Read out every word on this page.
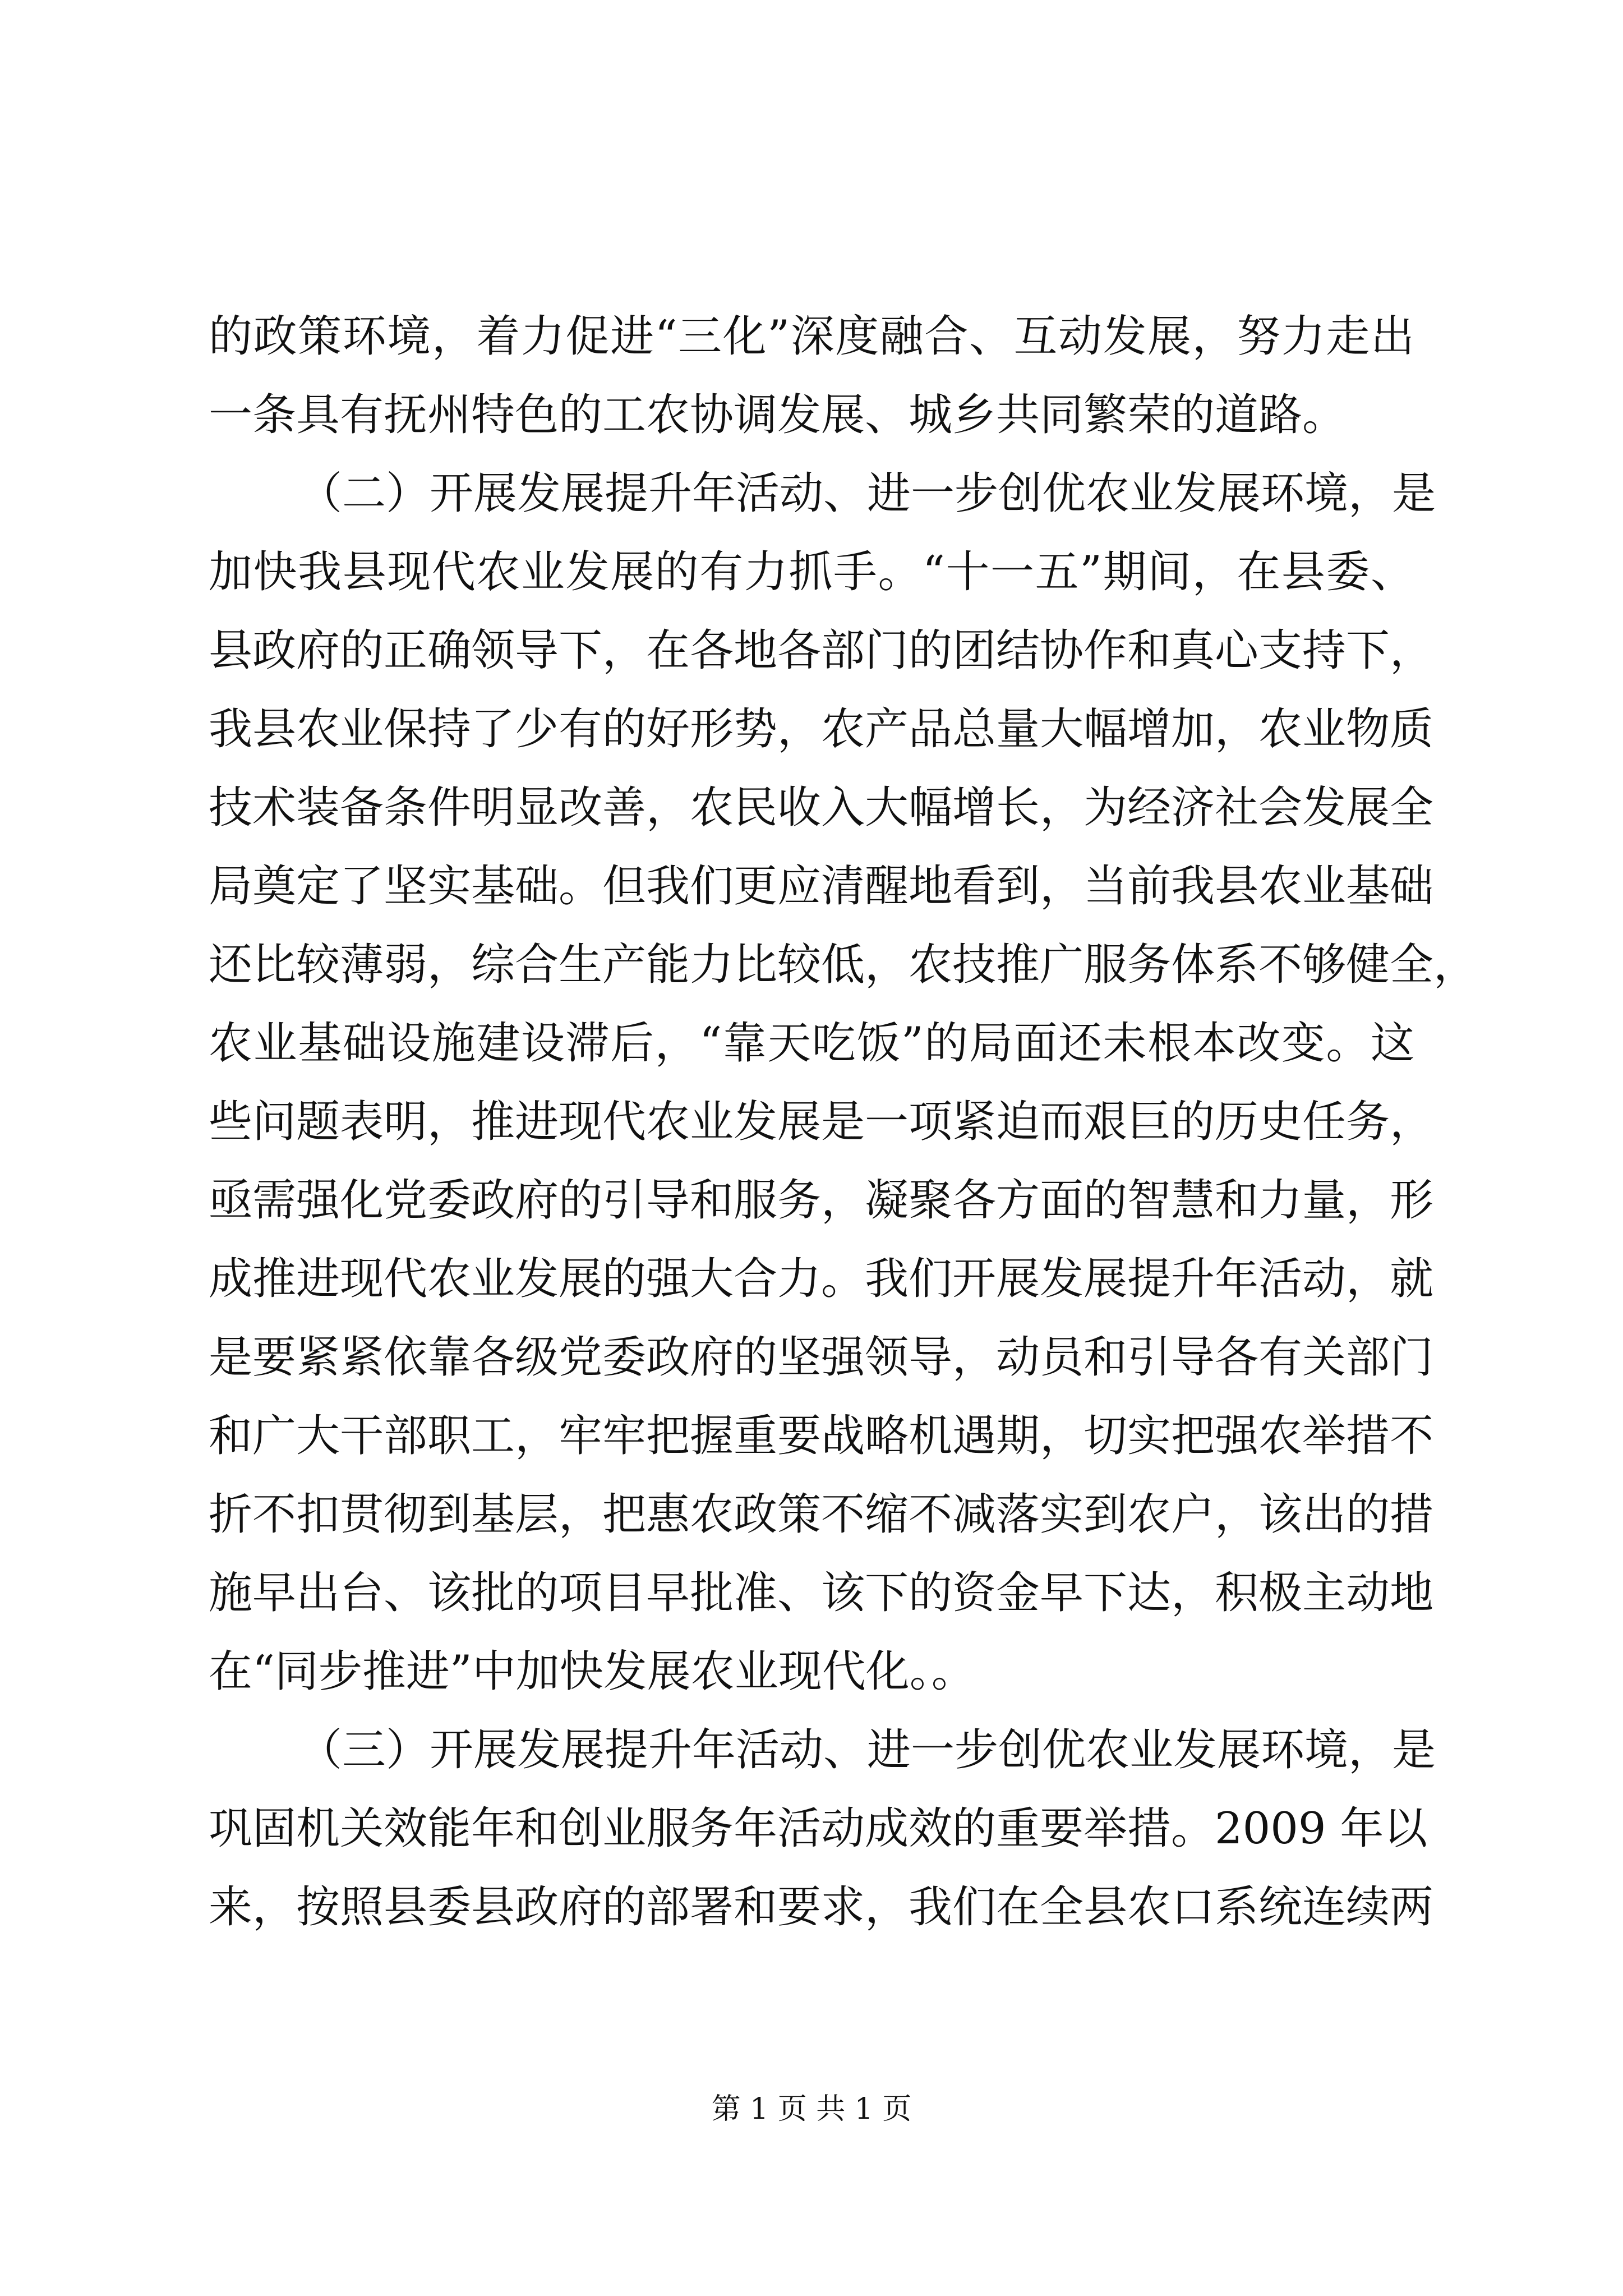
的政策环境，着力促进“三化”深度融合、互动发展，努力走出
一条具有抚州特色的工农协调发展、城乡共同繁荣的道路。
（二）开展发展提升年活动、进一步创优农业发展环境，是
加快我县现代农业发展的有力抓手。“十一五”期间，在县委、
县政府的正确领导下，在各地各部门的团结协作和真心支持下，
我县农业保持了少有的好形势，农产品总量大幅增加，农业物质
技术装备条件明显改善，农民收入大幅增长，为经济社会发展全
局奠定了坚实基础。但我们更应清醒地看到，当前我县农业基础
还比较薄弱，综合生产能力比较低，农技推广服务体系不够健全，
农业基础设施建设滞后，“靠天吃饭”的局面还未根本改变。这
些问题表明，推进现代农业发展是一项紧迫而艰巨的历史任务，
亟需强化党委政府的引导和服务，凝聚各方面的智慧和力量，形
成推进现代农业发展的强大合力。我们开展发展提升年活动，就
是要紧紧依靠各级党委政府的坚强领导，动员和引导各有关部门
和广大干部职工，牢牢把握重要战略机遇期，切实把强农举措不
折不扣贯彻到基层，把惠农政策不缩不减落实到农户，该出的措
施早出台、该批的项目早批准、该下的资金早下达，积极主动地
在“同步推进”中加快发展农业现代化。。
（三）开展发展提升年活动、进一步创优农业发展环境，是
巩固机关效能年和创业服务年活动成效的重要举措。2009 年以
来，按照县委县政府的部署和要求，我们在全县农口系统连续两
第 1 页 共 1 页
